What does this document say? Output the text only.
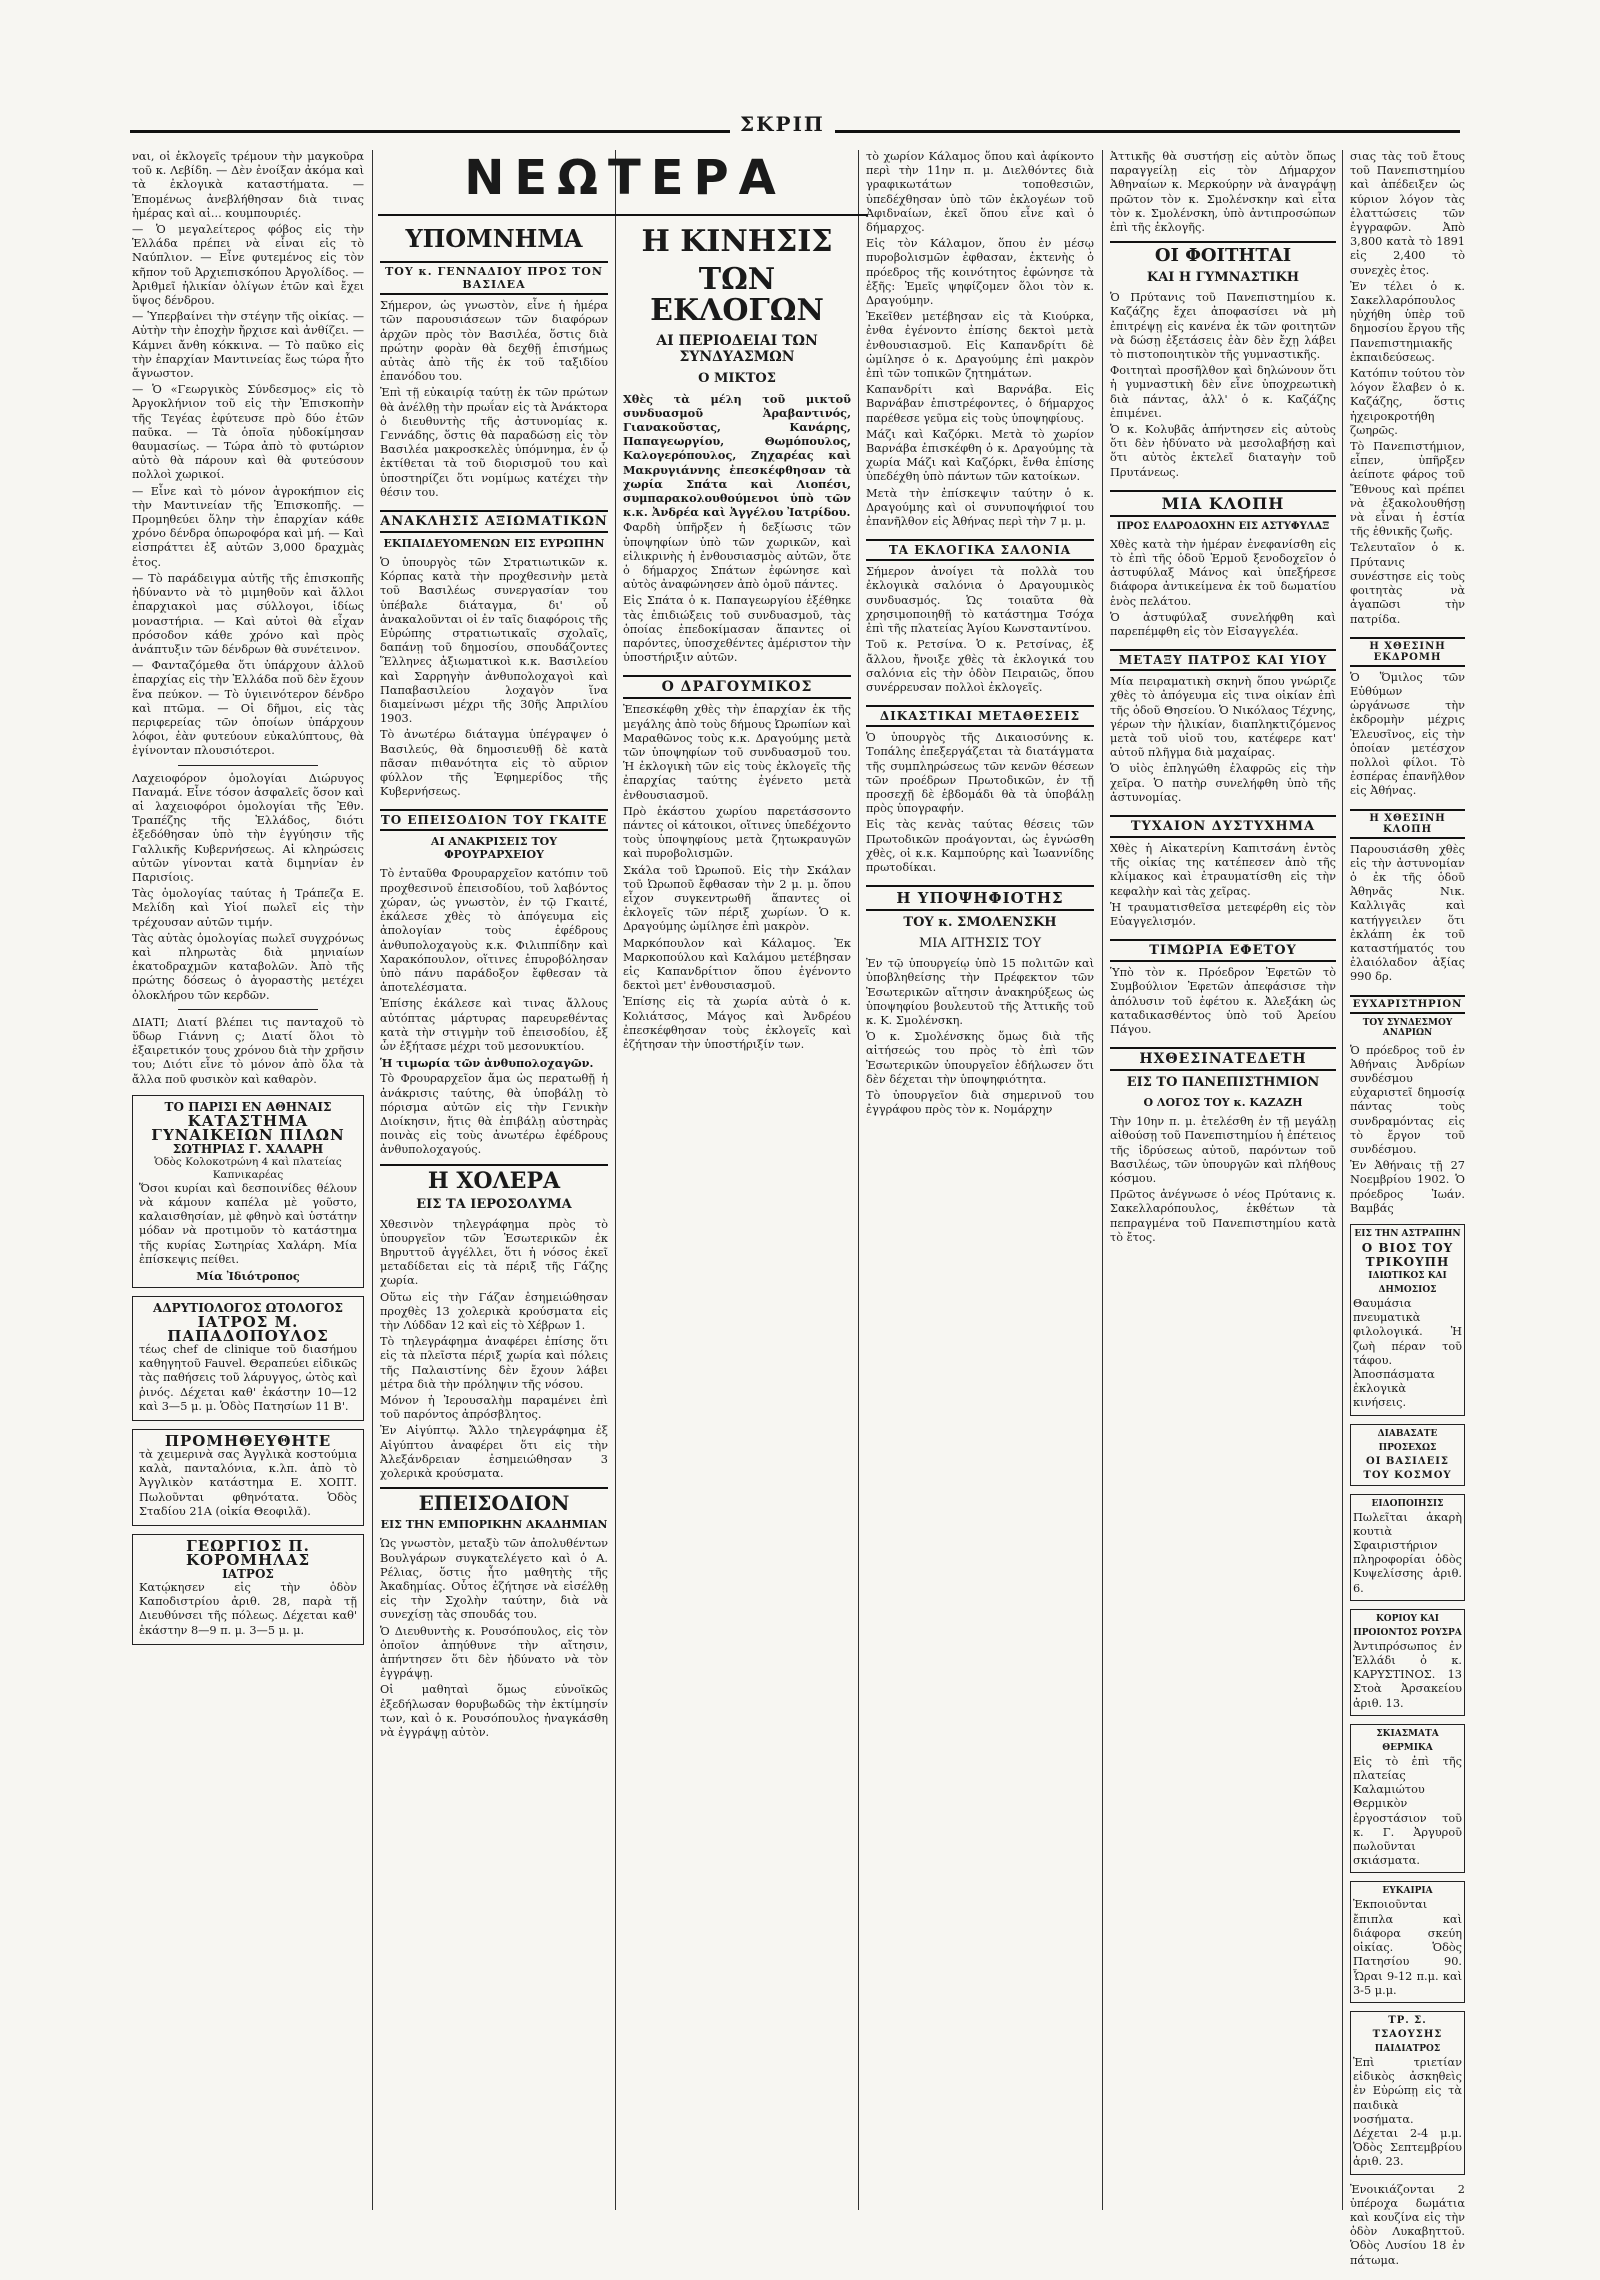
ΣΚΡΙΠ
ΝΕΩΤΕΡΑ

ναι, οἱ ἐκλογεῖς τρέμουν τὴν μαγκοῦρα τοῦ κ. Λεβίδη. — Δὲν ἐνοίξαν ἀκόμα καὶ τὰ ἐκλογικὰ καταστήματα. — Ἐπομένως ἀνεβλήθησαν διὰ τινας ἡμέρας καὶ αἱ... κουμπουριές.

— Ὁ μεγαλείτερος φόβος εἰς τὴν Ἑλλάδα πρέπει νὰ εἶναι εἰς τὸ Ναύπλιον. — Εἶνε φυτεμένος εἰς τὸν κῆπον τοῦ Ἀρχιεπισκόπου Ἀργολίδος. — Ἀριθμεῖ ἡλικίαν ὀλίγων ἐτῶν καὶ ἔχει ὕψος δένδρου.

— Ὑπερβαίνει τὴν στέγην τῆς οἰκίας. — Αὐτὴν τὴν ἐποχὴν ἤρχισε καὶ ἀνθίζει. — Κάμνει ἄνθη κόκκινα. — Τὸ παῦκο εἰς τὴν ἐπαρχίαν Μαντινείας ἕως τώρα ἦτο ἄγνωστον.

— Ὁ «Γεωργικὸς Σύνδεσμος» εἰς τὸ Ἀργοκλήνιον τοῦ εἰς τὴν Ἐπισκοπὴν τῆς Τεγέας ἐφύτευσε πρὸ δύο ἐτῶν παῦκα. — Τὰ ὁποῖα ηὐδοκίμησαν θαυμασίως. — Τώρα ἀπὸ τὸ φυτώριον αὐτὸ θὰ πάρουν καὶ θὰ φυτεύσουν πολλοὶ χωρικοί.

— Εἶνε καὶ τὸ μόνον ἀγροκήπιον εἰς τὴν Μαντινείαν τῆς Ἐπισκοπῆς. — Προμηθεύει ὅλην τὴν ἐπαρχίαν κάθε χρόνο δένδρα ὁπωροφόρα καὶ μή. — Καὶ εἰσπράττει ἐξ αὐτῶν 3,000 δραχμὰς ἐτος.

— Τὸ παράδειγμα αὐτῆς τῆς ἐπισκοπῆς ἠδύναντο νὰ τὸ μιμηθοῦν καὶ ἄλλοι ἐπαρχιακοὶ μας σύλλογοι, ἰδίως μοναστήρια. — Καὶ αὐτοὶ θὰ εἶχαν πρόσοδον κάθε χρόνο καὶ πρὸς ἀνάπτυξιν τῶν δένδρων θὰ συνέτεινον.

— Φανταζόμεθα ὅτι ὑπάρχουν ἀλλοῦ ἐπαρχίας εἰς τὴν Ἑλλάδα ποῦ δὲν ἔχουν ἕνα πεύκον. — Τὸ ὑγιεινότερον δένδρο καὶ πτῶμα. — Οἱ δῆμοι, εἰς τὰς περιφερείας τῶν ὁποίων ὑπάρχουν λόφοι, ἐὰν φυτεύουν εὐκαλύπτους, θὰ ἐγίνονταν πλουσιότεροι.

Λαχειοφόρον ὁμολογίαι Διώρυγος Παναμά. Εἶνε τόσον ἀσφαλεῖς ὅσον καὶ αἱ λαχειοφόροι ὁμολογίαι τῆς Ἐθν. Τραπέζης τῆς Ἑλλάδος, διότι ἐξεδόθησαν ὑπὸ τὴν ἐγγύησιν τῆς Γαλλικῆς Κυβερνήσεως. Αἱ κληρώσεις αὐτῶν γίνονται κατὰ διμηνίαν ἐν Παρισίοις.

Τὰς ὁμολογίας ταύτας ἡ Τράπεζα Ε. Μελίδη καὶ Υἱοί πωλεῖ εἰς τὴν τρέχουσαν αὐτῶν τιμήν.

Τὰς αὐτὰς ὁμολογίας πωλεῖ συγχρόνως καὶ πληρωτὰς διὰ μηνιαίων ἑκατοδραχμῶν καταβολῶν. Ἀπὸ τῆς πρώτης δόσεως ὁ ἀγοραστὴς μετέχει ὁλοκλήρου τῶν κερδῶν.

ΔΙΑΤΙ; Διατί βλέπει τις πανταχοῦ τὸ ὕδωρ Γιάννη ς; Διατί ὅλοι τὸ ἐξαιρετικόν τους χρόνου διὰ τὴν χρῆσιν του; Διότι εἶνε τὸ μόνον ἀπὸ ὅλα τὰ ἄλλα ποῦ φυσικὸν καὶ καθαρὸν.

ΤΟ ΠΑΡΙΣΙ ΕΝ ΑΘΗΝΑΙΣ
ΚΑΤΑΣΤΗΜΑ ΓΥΝΑΙΚΕΙΩΝ ΠΙΛΩΝ
ΣΩΤΗΡΙΑΣ Γ. ΧΑΛΑΡΗ
Ὁδὸς Κολοκοτρώνη 4 καὶ πλατείας Καπνικαρέας

Ὅσοι κυρίαι καὶ δεσποινίδες θέλουν νὰ κάμουν καπέλα μὲ γοῦστο, καλαισθησίαν, μὲ φθηνὸ καὶ ὑστάτην μόδαν νὰ προτιμοῦν τὸ κατάστημα τῆς κυρίας Σωτηρίας Χαλάρη. Μία ἐπίσκεψις πείθει.

Μία Ἰδιότροπος
ΑΔΡΥΤΙΟΛΟΓΟΣ ΩΤΟΛΟΓΟΣ
ΙΑΤΡΟΣ Μ. ΠΑΠΑΔΟΠΟΥΛΟΣ

τέως chef de clinique τοῦ διασήμου καθηγητοῦ Fauvel. Θεραπεύει εἰδικῶς τὰς παθήσεις τοῦ λάρυγγος, ὠτὸς καὶ ῥινός. Δέχεται καθ' ἑκάστην 10—12 καὶ 3—5 μ. μ. Ὁδὸς Πατησίων 11 Β'.

ΠΡΟΜΗΘΕΥΘΗΤΕ

τὰ χειμερινὰ σας Ἀγγλικὰ κοστούμια καλὰ, πανταλόνια, κ.λπ. ἀπὸ τὸ Ἀγγλικὸν κατάστημα Ε. ΧΟΠΤ. Πωλοῦνται φθηνότατα. Ὁδὸς Σταδίου 21Α (οἰκία Θεοφιλᾶ).

ΓΕΩΡΓΙΟΣ Π. ΚΟΡΟΜΗΛΑΣ
ΙΑΤΡΟΣ

Κατῴκησεν εἰς τὴν ὁδὸν Καποδιστρίου ἀριθ. 28, παρὰ τῇ Διευθύνσει τῆς πόλεως. Δέχεται καθ' ἑκάστην 8—9 π. μ. 3—5 μ. μ.

ΥΠΟΜΝΗΜΑ
ΤΟΥ κ. ΓΕΝΝΑΔΙΟΥ ΠΡΟΣ ΤΟΝ ΒΑΣΙΛΕΑ

Σήμερον, ὡς γνωστὸν, εἶνε ἡ ἡμέρα τῶν παρουσιάσεων τῶν διαφόρων ἀρχῶν πρὸς τὸν Βασιλέα, ὅστις διὰ πρώτην φορὰν θὰ δεχθῇ ἐπισήμως αὐτὰς ἀπὸ τῆς ἐκ τοῦ ταξιδίου ἐπανόδου του.

Ἐπὶ τῇ εὐκαιρίᾳ ταύτῃ ἐκ τῶν πρώτων θὰ ἀνέλθῃ τὴν πρωΐαν εἰς τὰ Ἀνάκτορα ὁ διευθυντὴς τῆς ἀστυνομίας κ. Γεννάδης, ὅστις θὰ παραδώσῃ εἰς τὸν Βασιλέα μακροσκελὲς ὑπόμνημα, ἐν ᾧ ἐκτίθεται τὰ τοῦ διορισμοῦ του καὶ ὑποστηρίζει ὅτι νομίμως κατέχει τὴν θέσιν του.

ΑΝΑΚΛΗΣΙΣ ΑΞΙΩΜΑΤΙΚΩΝ
ΕΚΠΑΙΔΕΥΟΜΕΝΩΝ ΕΙΣ ΕΥΡΩΠΗΝ

Ὁ ὑπουργὸς τῶν Στρατιωτικῶν κ. Κόρπας κατὰ τὴν προχθεσινὴν μετὰ τοῦ Βασιλέως συνεργασίαν του ὑπέβαλε διάταγμα, δι' οὗ ἀνακαλοῦνται οἱ ἐν ταῖς διαφόροις τῆς Εὐρώπης στρατιωτικαῖς σχολαῖς, δαπάνῃ τοῦ δημοσίου, σπουδάζοντες Ἕλληνες ἀξιωματικοὶ κ.κ. Βασιλείου καὶ Σαρρηγὴν ἀνθυπολοχαγοὶ καὶ Παπαβασιλείου λοχαγὸν ἵνα διαμείνωσι μέχρι τῆς 30ῆς Ἀπριλίου 1903.

Τὸ ἀνωτέρω διάταγμα ὑπέγραψεν ὁ Βασιλεύς, θὰ δημοσιευθῇ δὲ κατὰ πᾶσαν πιθανότητα εἰς τὸ αὔριον φύλλον τῆς Ἐφημερίδος τῆς Κυβερνήσεως.

ΤΟ ΕΠΕΙΣΟΔΙΟΝ ΤΟΥ ΓΚΑΙΤΕ
ΑΙ ΑΝΑΚΡΙΣΕΙΣ ΤΟΥ ΦΡΟΥΡΑΡΧΕΙΟΥ

Τὸ ἐνταῦθα Φρουραρχεῖον κατόπιν τοῦ προχθεσινοῦ ἐπεισοδίου, τοῦ λαβόντος χώραν, ὡς γνωστὸν, ἐν τῷ Γκαιτέ, ἐκάλεσε χθὲς τὸ ἀπόγευμα εἰς ἀπολογίαν τοὺς ἐφέδρους ἀνθυπολοχαγοὺς κ.κ. Φιλιππίδην καὶ Χαρακόπουλον, οἵτινες ἐπυροβόλησαν ὑπὸ πάνυ παράδοξον ἔφθεσαν τὰ ἀποτελέσματα.

Ἐπίσης ἐκάλεσε καὶ τινας ἄλλους αὐτόπτας μάρτυρας παρευρεθέντας κατὰ τὴν στιγμὴν τοῦ ἐπεισοδίου, ἐξ ὧν ἐξήτασε μέχρι τοῦ μεσονυκτίου.

Ἡ τιμωρία τῶν ἀνθυπολοχαγῶν.

Τὸ Φρουραρχεῖον ἅμα ὡς περατωθῇ ἡ ἀνάκρισις ταύτης, θὰ ὑποβάλῃ τὸ πόρισμα αὐτῶν εἰς τὴν Γενικὴν Διοίκησιν, ἥτις θὰ ἐπιβάλῃ αὐστηρὰς ποινὰς εἰς τοὺς ἀνωτέρω ἐφέδρους ἀνθυπολοχαγούς.

Η ΧΟΛΕΡΑ
ΕΙΣ ΤΑ ΙΕΡΟΣΟΛΥΜΑ

Χθεσινὸν τηλεγράφημα πρὸς τὸ ὑπουργεῖον τῶν Ἐσωτερικῶν ἐκ Βηρυττοῦ ἀγγέλλει, ὅτι ἡ νόσος ἐκεῖ μεταδίδεται εἰς τὰ πέριξ τῆς Γάζης χωρία.

Οὕτω εἰς τὴν Γάζαν ἐσημειώθησαν προχθὲς 13 χολερικὰ κρούσματα εἰς τὴν Λύδδαν 12 καὶ εἰς τὸ Χέβρων 1.

Τὸ τηλεγράφημα ἀναφέρει ἐπίσης ὅτι εἰς τὰ πλεῖστα πέριξ χωρία καὶ πόλεις τῆς Παλαιστίνης δὲν ἔχουν λάβει μέτρα διὰ τὴν πρόληψιν τῆς νόσου.

Μόνον ἡ Ἱερουσαλὴμ παραμένει ἐπὶ τοῦ παρόντος ἀπρόσβλητος.

Ἐν Αἰγύπτῳ. Ἄλλο τηλεγράφημα ἐξ Αἰγύπτου ἀναφέρει ὅτι εἰς τὴν Ἀλεξάνδρειαν ἐσημειώθησαν 3 χολερικὰ κρούσματα.

ΕΠΕΙΣΟΔΙΟΝ
ΕΙΣ ΤΗΝ ΕΜΠΟΡΙΚΗΝ ΑΚΑΔΗΜΙΑΝ

Ὡς γνωστὸν, μεταξὺ τῶν ἀπολυθέντων Βουλγάρων συγκατελέγετο καὶ ὁ Α. Ρέλιας, ὅστις ἦτο μαθητὴς τῆς Ἀκαδημίας. Οὗτος ἐζήτησε νὰ εἰσέλθῃ εἰς τὴν Σχολὴν ταύτην, διὰ νὰ συνεχίσῃ τὰς σπουδάς του.

Ὁ Διευθυντὴς κ. Ρουσόπουλος, εἰς τὸν ὁποῖον ἀπηύθυνε τὴν αἴτησιν, ἀπήντησεν ὅτι δὲν ἠδύνατο νὰ τὸν ἐγγράψῃ.

Οἱ μαθηταὶ ὅμως εὐνοϊκῶς ἐξεδήλωσαν θορυβωδῶς τὴν ἐκτίμησίν των, καὶ ὁ κ. Ρουσόπουλος ἠναγκάσθη νὰ ἐγγράψῃ αὐτὸν.

Η ΚΙΝΗΣΙΣ
ΤΩΝ ΕΚΛΟΓΩΝ
ΑΙ ΠΕΡΙΟΔΕΙΑΙ ΤΩΝ ΣΥΝΔΥΑΣΜΩΝ
Ο ΜΙΚΤΟΣ

Χθὲς τὰ μέλη τοῦ μικτοῦ συνδυασμοῦ Ἀραβαντινός, Γιανακοῦστας, Κανάρης, Παπαγεωργίου, Θωμόπουλος, Καλογερόπουλος, Ζηχαρέας καὶ Μακρυγιάννης ἐπεσκέφθησαν τὰ χωρία Σπάτα καὶ Λιοπέσι, συμπαρακολουθούμενοι ὑπὸ τῶν κ.κ. Ἀνδρέα καὶ Ἀγγέλου Ἰατρίδου.

Φαρδὴ ὑπῆρξεν ἡ δεξίωσις τῶν ὑποψηφίων ὑπὸ τῶν χωρικῶν, καὶ εἰλικρινὴς ἡ ἐνθουσιασμὸς αὐτῶν, ὅτε ὁ δήμαρχος Σπάτων ἐφώνησε καὶ αὐτὸς ἀναφώνησεν ἀπὸ ὁμοῦ πάντες.

Εἰς Σπάτα ὁ κ. Παπαγεωργίου ἐξέθηκε τὰς ἐπιδιώξεις τοῦ συνδυασμοῦ, τὰς ὁποίας ἐπεδοκίμασαν ἅπαντες οἱ παρόντες, ὑποσχεθέντες ἀμέριστον τὴν ὑποστήριξιν αὐτῶν.

Ο ΔΡΑΓΟΥΜΙΚΟΣ

Ἐπεσκέφθη χθὲς τὴν ἐπαρχίαν ἐκ τῆς μεγάλης ἀπὸ τοὺς δήμους Ὠρωπίων καὶ Μαραθῶνος τοὺς κ.κ. Δραγούμης μετὰ τῶν ὑποψηφίων τοῦ συνδυασμοῦ του. Ἡ ἐκλογικὴ τῶν εἰς τοὺς ἐκλογεῖς τῆς ἐπαρχίας ταύτης ἐγένετο μετὰ ἐνθουσιασμοῦ.

Πρὸ ἑκάστου χωρίου παρετάσσοντο πάντες οἱ κάτοικοι, οἵτινες ὑπεδέχοντο τοὺς ὑποψηφίους μετὰ ζητωκραυγῶν καὶ πυροβολισμῶν.

Σκάλα τοῦ Ὠρωποῦ. Εἰς τὴν Σκάλαν τοῦ Ὠρωποῦ ἔφθασαν τὴν 2 μ. μ. ὅπου εἶχον συγκεντρωθῆ ἅπαντες οἱ ἐκλογεῖς τῶν πέριξ χωρίων. Ὁ κ. Δραγούμης ὡμίλησε ἐπὶ μακρὸν.

Μαρκόπουλον καὶ Κάλαμος. Ἐκ Μαρκοπούλου καὶ Καλάμου μετέβησαν εἰς Καπανδρίτιον ὅπου ἐγένοντο δεκτοὶ μετ' ἐνθουσιασμοῦ.

Ἐπίσης εἰς τὰ χωρία αὐτὰ ὁ κ. Κολιάτσος, Μάγος καὶ Ἀνδρέου ἐπεσκέφθησαν τοὺς ἐκλογεῖς καὶ ἐζήτησαν τὴν ὑποστήριξίν των.

τὸ χωρίον Κάλαμος ὅπου καὶ ἀφίκοντο περὶ τὴν 11ην π. μ. Διελθόντες διὰ γραφικωτάτων τοποθεσιῶν, ὑπεδέχθησαν ὑπὸ τῶν ἐκλογέων τοῦ Ἀφιδναίων, ἐκεῖ ὅπου εἶνε καὶ ὁ δήμαρχος.

Εἰς τὸν Κάλαμον, ὅπου ἐν μέσῳ πυροβολισμῶν ἐφθασαν, ἐκτενὴς ὁ πρόεδρος τῆς κοινότητος ἐφώνησε τὰ ἑξῆς: Ἐμεῖς ψηφίζομεν ὅλοι τὸν κ. Δραγούμην.

Ἐκεῖθεν μετέβησαν εἰς τὰ Κιούρκα, ἐνθα ἐγένοντο ἐπίσης δεκτοὶ μετὰ ἐνθουσιασμοῦ. Εἰς Καπανδρίτι δὲ ὡμίλησε ὁ κ. Δραγούμης ἐπὶ μακρὸν ἐπὶ τῶν τοπικῶν ζητημάτων.

Καπανδρίτι καὶ Βαρνάβα. Εἰς Βαρνάβαν ἐπιστρέφοντες, ὁ δήμαρχος παρέθεσε γεῦμα εἰς τοὺς ὑποψηφίους.

Μάζι καὶ Καζόρκι. Μετὰ τὸ χωρίον Βαρνάβα ἐπισκέφθη ὁ κ. Δραγούμης τὰ χωρία Μάζι καὶ Καζόρκι, ἔνθα ἐπίσης ὑπεδέχθη ὑπὸ πάντων τῶν κατοίκων.

Μετὰ τὴν ἐπίσκεψιν ταύτην ὁ κ. Δραγούμης καὶ οἱ συνυποψήφιοί του ἐπανῆλθον εἰς Ἀθήνας περὶ τὴν 7 μ. μ.

ΤΑ ΕΚΛΟΓΙΚΑ ΣΑΛΟΝΙΑ

Σήμερον ἀνοίγει τὰ πολλὰ του ἐκλογικὰ σαλόνια ὁ Δραγουμικὸς συνδυασμός. Ὡς τοιαῦτα θὰ χρησιμοποιηθῇ τὸ κατάστημα Τσόχα ἐπὶ τῆς πλατείας Ἁγίου Κωνσταντίνου.

Τοῦ κ. Ρετσίνα. Ὁ κ. Ρετσίνας, ἐξ ἄλλου, ἤνοιξε χθὲς τὰ ἐκλογικά του σαλόνια εἰς τὴν ὁδὸν Πειραιῶς, ὅπου συνέρρευσαν πολλοὶ ἐκλογεῖς.

ΔΙΚΑΣΤΙΚΑΙ ΜΕΤΑΘΕΣΕΙΣ

Ὁ ὑπουργὸς τῆς Δικαιοσύνης κ. Τοπάλης ἐπεξεργάζεται τὰ διατάγματα τῆς συμπληρώσεως τῶν κενῶν θέσεων τῶν προέδρων Πρωτοδικῶν, ἐν τῇ προσεχῇ δὲ ἑβδομάδι θὰ τὰ ὑποβάλῃ πρὸς ὑπογραφήν.

Εἰς τὰς κενὰς ταύτας θέσεις τῶν Πρωτοδικῶν προάγονται, ὡς ἐγνώσθη χθὲς, οἱ κ.κ. Καμπούρης καὶ Ἰωαννίδης πρωτοδίκαι.

Η ΥΠΟΨΗΦΙΟΤΗΣ
ΤΟΥ κ. ΣΜΟΛΕΝΣΚΗ
ΜΙΑ ΑΙΤΗΣΙΣ ΤΟΥ

Ἐν τῷ ὑπουργείῳ ὑπὸ 15 πολιτῶν καὶ ὑποβληθείσης τὴν Πρέφεκτον τῶν Ἐσωτερικῶν αἴτησιν ἀνακηρύξεως ὡς ὑποψηφίου βουλευτοῦ τῆς Ἀττικῆς τοῦ κ. Κ. Σμολένσκη.

Ὁ κ. Σμολένσκης ὅμως διὰ τῆς αἰτήσεώς του πρὸς τὸ ἐπὶ τῶν Ἐσωτερικῶν ὑπουργεῖον ἐδήλωσεν ὅτι δὲν δέχεται τὴν ὑποψηφιότητα.

Τὸ ὑπουργεῖον διὰ σημερινοῦ του ἐγγράφου πρὸς τὸν κ. Νομάρχην

Ἀττικῆς θὰ συστήσῃ εἰς αὐτὸν ὅπως παραγγείλῃ εἰς τὸν Δήμαρχον Ἀθηναίων κ. Μερκούρην νὰ ἀναγράψῃ πρῶτον τὸν κ. Σμολένσκην καὶ εἶτα τὸν κ. Σμολένσκη, ὑπὸ ἀντιπροσώπων ἐπὶ τῆς ἐκλογῆς.

ΟΙ ΦΟΙΤΗΤΑΙ
ΚΑΙ Η ΓΥΜΝΑΣΤΙΚΗ

Ὁ Πρύτανις τοῦ Πανεπιστημίου κ. Καζάζης ἔχει ἀποφασίσει νὰ μὴ ἐπιτρέψῃ εἰς κανένα ἐκ τῶν φοιτητῶν νὰ δώσῃ ἐξετάσεις ἐὰν δὲν ἔχῃ λάβει τὸ πιστοποιητικὸν τῆς γυμναστικῆς.

Φοιτηταὶ προσῆλθον καὶ δηλώνουν ὅτι ἡ γυμναστικὴ δὲν εἶνε ὑποχρεωτικὴ διὰ πάντας, ἀλλ' ὁ κ. Καζάζης ἐπιμένει.

Ὁ κ. Κολυβᾶς ἀπήντησεν εἰς αὐτοὺς ὅτι δὲν ἠδύνατο νὰ μεσολαβήσῃ καὶ ὅτι αὐτὸς ἐκτελεῖ διαταγὴν τοῦ Πρυτάνεως.

ΜΙΑ ΚΛΟΠΗ
ΠΡΟΣ ΕΛΔΡΟΔΟΧΗΝ ΕΙΣ ΑΣΤΥΦΥΛΑΞ

Χθὲς κατὰ τὴν ἡμέραν ἐνεφανίσθη εἰς τὸ ἐπὶ τῆς ὁδοῦ Ἑρμοῦ ξενοδοχεῖον ὁ ἀστυφύλαξ Μάνος καὶ ὑπεξήρεσε διάφορα ἀντικείμενα ἐκ τοῦ δωματίου ἑνὸς πελάτου.

Ὁ ἀστυφύλαξ συνελήφθη καὶ παρεπέμφθη εἰς τὸν Εἰσαγγελέα.

ΜΕΤΑΞΥ ΠΑΤΡΟΣ ΚΑΙ ΥΙΟΥ

Μία πειραματικὴ σκηνὴ ὅπου γνώριζε χθὲς τὸ ἀπόγευμα εἰς τινα οἰκίαν ἐπὶ τῆς ὁδοῦ Θησείου. Ὁ Νικόλαος Τέχνης, γέρων τὴν ἡλικίαν, διαπληκτιζόμενος μετὰ τοῦ υἱοῦ του, κατέφερε κατ' αὐτοῦ πλῆγμα διὰ μαχαίρας.

Ὁ υἱὸς ἐπληγώθη ἐλαφρῶς εἰς τὴν χεῖρα. Ὁ πατὴρ συνελήφθη ὑπὸ τῆς ἀστυνομίας.

ΤΥΧΑΙΟΝ ΔΥΣΤΥΧΗΜΑ

Χθὲς ἡ Αἰκατερίνη Καπιτσάνη ἐντὸς τῆς οἰκίας της κατέπεσεν ἀπὸ τῆς κλίμακος καὶ ἐτραυματίσθη εἰς τὴν κεφαλὴν καὶ τὰς χεῖρας.

Ἡ τραυματισθεῖσα μετεφέρθη εἰς τὸν Εὐαγγελισμόν.

ΤΙΜΩΡΙΑ ΕΦΕΤΟΥ

Ὑπὸ τὸν κ. Πρόεδρον Ἐφετῶν τὸ Συμβούλιον Ἐφετῶν ἀπεφάσισε τὴν ἀπόλυσιν τοῦ ἐφέτου κ. Ἀλεξάκη ὡς καταδικασθέντος ὑπὸ τοῦ Ἀρείου Πάγου.

ΗΧΘΕΣΙΝΑΤΕΔΕΤΗ
ΕΙΣ ΤΟ ΠΑΝΕΠΙΣΤΗΜΙΟΝ
Ο ΛΟΓΟΣ ΤΟΥ κ. ΚΑΖΑΖΗ

Τὴν 10ην π. μ. ἐτελέσθη ἐν τῇ μεγάλῃ αἰθούσῃ τοῦ Πανεπιστημίου ἡ ἐπέτειος τῆς ἱδρύσεως αὐτοῦ, παρόντων τοῦ Βασιλέως, τῶν ὑπουργῶν καὶ πλήθους κόσμου.

Πρῶτος ἀνέγνωσε ὁ νέος Πρύτανις κ. Σακελλαρόπουλος, ἐκθέτων τὰ πεπραγμένα τοῦ Πανεπιστημίου κατὰ τὸ ἔτος.

σιας τὰς τοῦ ἔτους τοῦ Πανεπιστημίου καὶ ἀπέδειξεν ὡς κύριον λόγον τὰς ἐλαττώσεις τῶν ἐγγραφῶν. Ἀπὸ 3,800 κατὰ τὸ 1891 εἰς 2,400 τὸ συνεχὲς ἐτος.

Ἐν τέλει ὁ κ. Σακελλαρόπουλος ηὐχήθη ὑπὲρ τοῦ δημοσίου ἔργου τῆς Πανεπιστημιακῆς ἐκπαιδεύσεως.

Κατόπιν τούτου τὸν λόγον ἔλαβεν ὁ κ. Καζάζης, ὅστις ἠχειροκροτήθη ζωηρῶς.

Τὸ Πανεπιστήμιον, εἶπεν, ὑπῆρξεν ἀείποτε φάρος τοῦ Ἔθνους καὶ πρέπει νὰ ἐξακολουθήσῃ νὰ εἶναι ἡ ἑστία τῆς ἐθνικῆς ζωῆς.

Τελευταῖον ὁ κ. Πρύτανις συνέστησε εἰς τοὺς φοιτητὰς νὰ ἀγαπῶσι τὴν πατρίδα.

Η ΧΘΕΣΙΝΗ ΕΚΔΡΟΜΗ

Ὁ Ὅμιλος τῶν Εὐθύμων ὠργάνωσε τὴν ἐκδρομὴν μέχρις Ἐλευσῖνος, εἰς τὴν ὁποίαν μετέσχον πολλοὶ φίλοι. Τὸ ἑσπέρας ἐπανῆλθον εἰς Ἀθήνας.

Η ΧΘΕΣΙΝΗ ΚΛΟΠΗ

Παρουσιάσθη χθὲς εἰς τὴν ἀστυνομίαν ὁ ἐκ τῆς ὁδοῦ Ἀθηνᾶς Νικ. Καλλιγᾶς καὶ κατήγγειλεν ὅτι ἐκλάπη ἐκ τοῦ καταστήματός του ἐλαιόλαδον ἀξίας 990 δρ.

ΕΥΧΑΡΙΣΤΗΡΙΟΝ
ΤΟΥ ΣΥΝΔΕΣΜΟΥ ΑΝΔΡΙΩΝ

Ὁ πρόεδρος τοῦ ἐν Ἀθήναις Ἀνδρίων συνδέσμου εὐχαριστεῖ δημοσίᾳ πάντας τοὺς συνδραμόντας εἰς τὸ ἔργον τοῦ συνδέσμου.

Ἐν Ἀθήναις τῇ 27 Νοεμβρίου 1902. Ὁ πρόεδρος Ἰωάν. Βαμβάς

ΕΙΣ ΤΗΝ ΑΣΤΡΑΠΗΝ
Ο ΒΙΟΣ ΤΟΥ ΤΡΙΚΟΥΠΗ
ΙΔΙΩΤΙΚΟΣ ΚΑΙ ΔΗΜΟΣΙΟΣ

Θαυμάσια πνευματικὰ φιλολογικά. Ἡ ζωὴ πέραν τοῦ τάφου. Ἀποσπάσματα ἐκλογικὰ κινήσεις.

ΔΙΑΒΑΣΑΤΕ ΠΡΟΣΕΧΩΣ
ΟΙ ΒΑΣΙΛΕΙΣ ΤΟΥ ΚΟΣΜΟΥ
ΕΙΔΟΠΟΙΗΣΙΣ

Πωλεῖται ἀκαρὴ κουτιὰ Σφαιριστήριον πληροφορίαι ὁδὸς Κυψελίσσης ἀριθ. 6.

ΚΟΡΙΟΥ ΚΑΙ ΠΡΟΙΟΝΤΟΣ ΡΟΥΣΡΑ

Ἀντιπρόσωπος ἐν Ἑλλάδι ὁ κ. ΚΑΡΥΣΤΙΝΟΣ. 13 Στοὰ Ἀρσακείου ἀριθ. 13.

ΣΚΙΑΣΜΑΤΑ ΘΕΡΜΙΚΑ

Εἰς τὸ ἐπὶ τῆς πλατείας Καλαμιώτου Θερμικὸν ἐργοστάσιον τοῦ κ. Γ. Ἀργυροῦ πωλοῦνται σκιάσματα.

ΕΥΚΑΙΡΙΑ

Ἐκποιοῦνται ἔπιπλα καὶ διάφορα σκεύη οἰκίας. Ὁδὸς Πατησίου 90. Ὧραι 9-12 π.μ. καὶ 3-5 μ.μ.

ΤΡ. Σ. ΤΣΑΟΥΣΗΣ
ΠΑΙΔΙΑΤΡΟΣ

Ἐπὶ τριετίαν εἰδικὸς ἀσκηθεὶς ἐν Εὐρώπῃ εἰς τὰ παιδικὰ νοσήματα. Δέχεται 2-4 μ.μ. Ὁδὸς Σεπτεμβρίου ἀριθ. 23.

Ἐνοικιάζονται 2 ὑπέροχα δωμάτια καὶ κουζίνα εἰς τὴν ὁδὸν Λυκαβηττοῦ. Ὁδὸς Λυσίου 18 ἐν πάτωμα.
